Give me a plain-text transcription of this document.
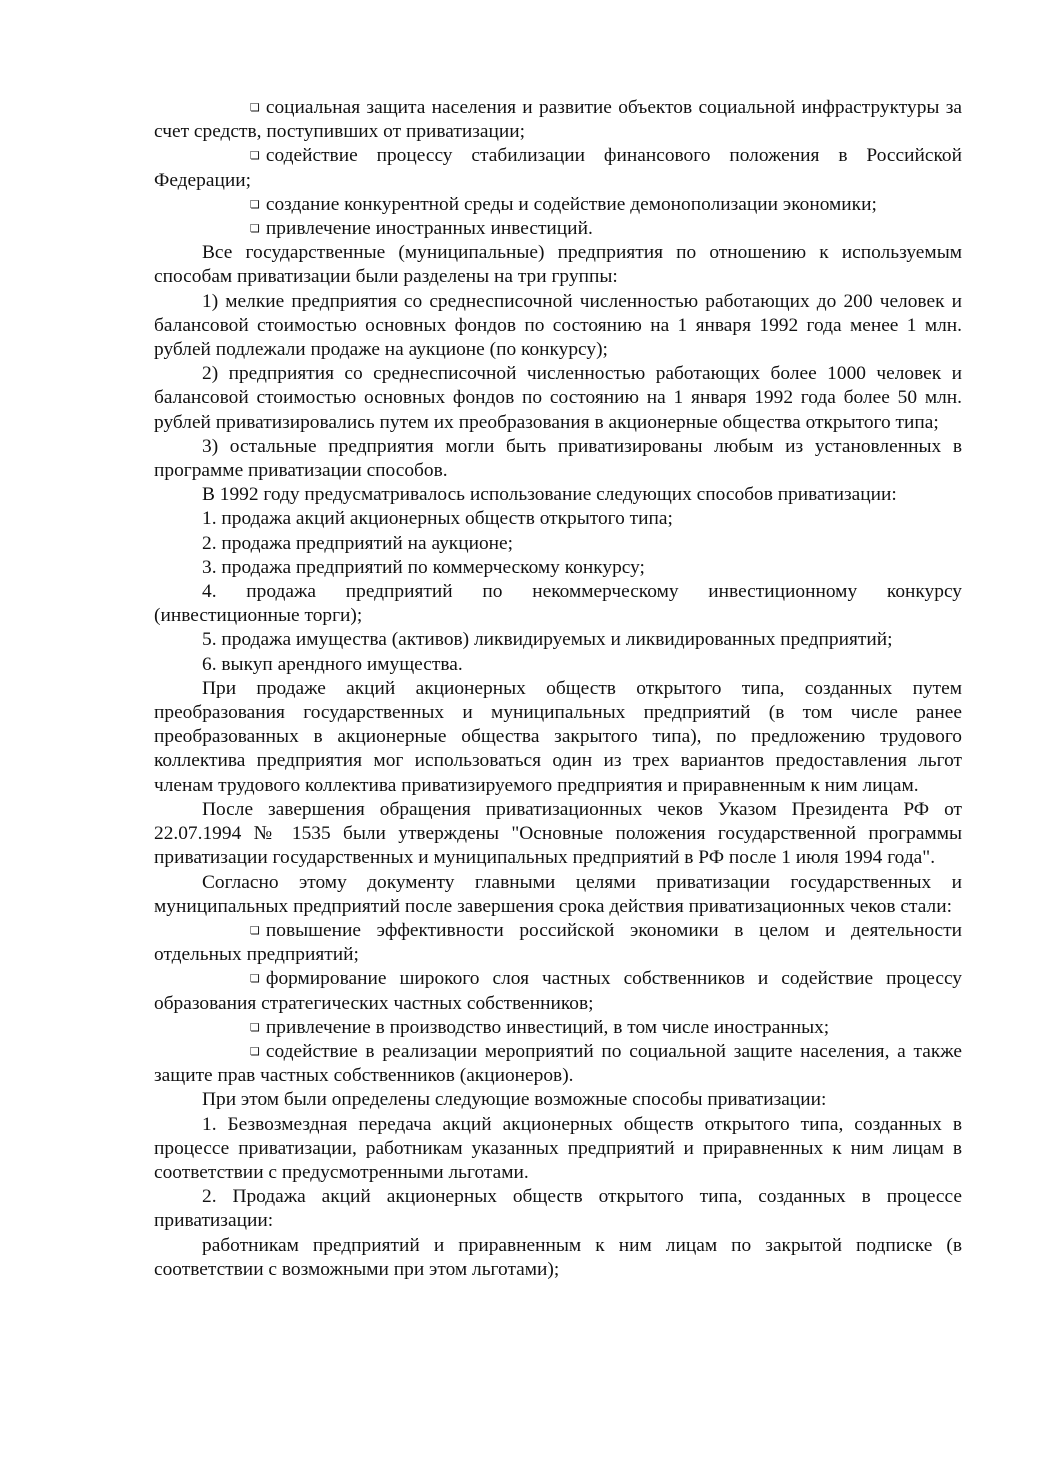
❏ социальная защита населения и развитие объектов социальной инфраструктуры за счет средств, поступивших от приватизации;

❏ содействие процессу стабилизации финансового положения в Российской Федерации;

❏ создание конкурентной среды и содействие демонополизации экономики;

❏ привлечение иностранных инвестиций.

Все государственные (муниципальные) предприятия по отношению к используемым способам приватизации были разделены на три группы:

1) мелкие предприятия со среднесписочной численностью работающих до 200 человек и балансовой стоимостью основных фондов по состоянию на 1 января 1992 года менее 1 млн. рублей подлежали продаже на аукционе (по конкурсу);

2) предприятия со среднесписочной численностью работающих более 1000 человек и балансовой стоимостью основных фондов по состоянию на 1 января 1992 года более 50 млн. рублей приватизировались путем их преобразования в акционерные общества открытого типа;

3) остальные предприятия могли быть приватизированы любым из установленных в программе приватизации способов.

В 1992 году предусматривалось использование следующих способов приватизации:

1. продажа акций акционерных обществ открытого типа;

2. продажа предприятий на аукционе;

3. продажа предприятий по коммерческому конкурсу;

4. продажа предприятий по некоммерческому инвестиционному конкурсу (инвестиционные торги);

5. продажа имущества (активов) ликвидируемых и ликвидированных предприятий;

6. выкуп арендного имущества.

При продаже акций акционерных обществ открытого типа, созданных путем преобразования государственных и муниципальных предприятий (в том числе ранее преобразованных в акционерные общества закрытого типа), по предложению трудового коллектива предприятия мог использоваться один из трех вариантов предоставления льгот членам трудового коллектива приватизируемого предприятия и приравненным к ним лицам.

После завершения обращения приватизационных чеков Указом Президента РФ от 22.07.1994 № 1535 были утверждены "Основные положения государственной программы приватизации государственных и муниципальных предприятий в РФ после 1 июля 1994 года".

Согласно этому документу главными целями приватизации государственных и муниципальных предприятий после завершения срока действия приватизационных чеков стали:

❏ повышение эффективности российской экономики в целом и деятельности отдельных предприятий;

❏ формирование широкого слоя частных собственников и содействие процессу образования стратегических частных собственников;

❏ привлечение в производство инвестиций, в том числе иностранных;

❏ содействие в реализации мероприятий по социальной защите населения, а также защите прав частных собственников (акционеров).

При этом были определены следующие возможные способы приватизации:

1. Безвозмездная передача акций акционерных обществ открытого типа, созданных в процессе приватизации, работникам указанных предприятий и приравненных к ним лицам в соответствии с предусмотренными льготами.

2. Продажа акций акционерных обществ открытого типа, созданных в процессе приватизации:

работникам предприятий и приравненным к ним лицам по закрытой подписке (в соответствии с возможными при этом льготами);
